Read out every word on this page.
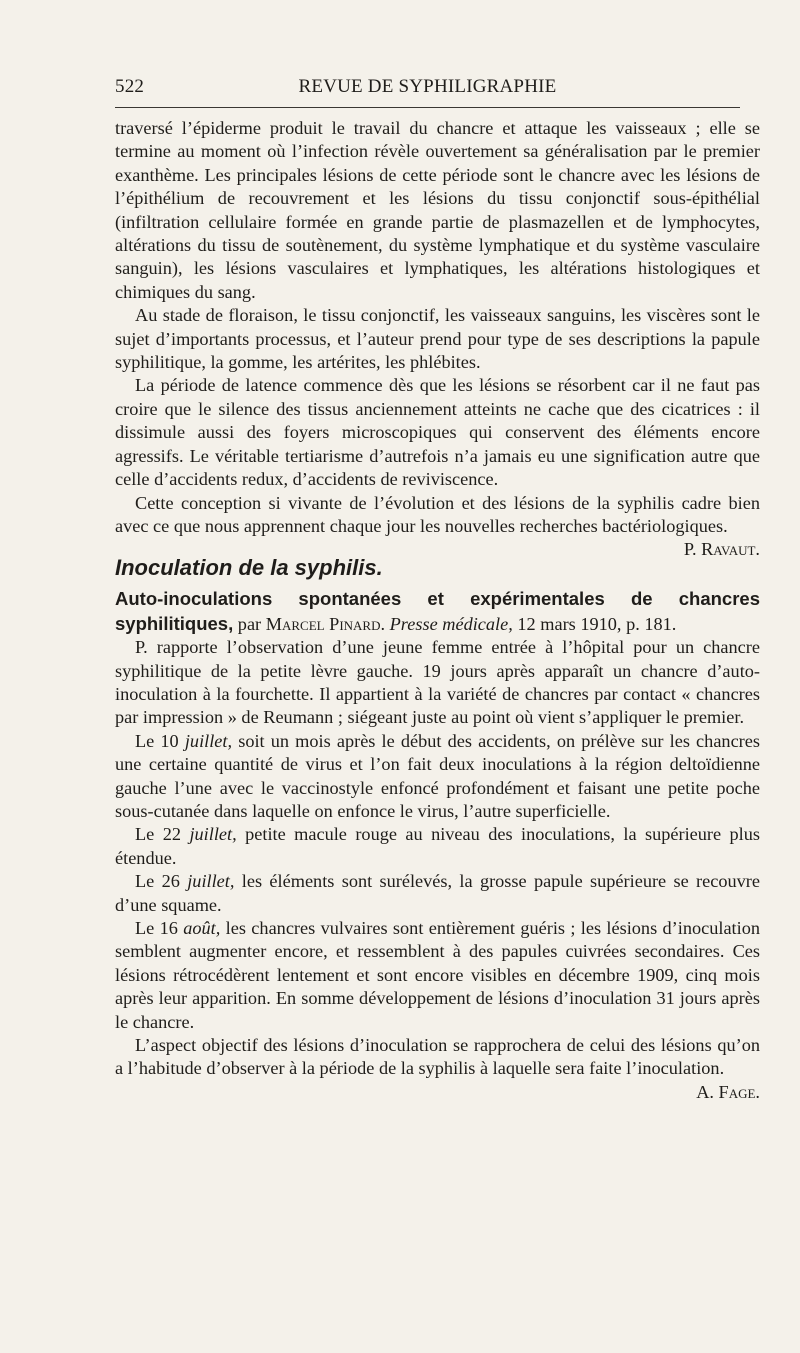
522	REVUE DE SYPHILIGRAPHIE

traversé l’épiderme produit le travail du chancre et attaque les vaisseaux ; elle se termine au moment où l’infection révèle ouvertement sa généralisation par le premier exanthème. Les principales lésions de cette période sont le chancre avec les lésions de l’épithélium de recouvrement et les lésions du tissu conjonctif sous-épithélial (infiltration cellulaire formée en grande partie de plasmazellen et de lymphocytes, altérations du tissu de soutènement, du système lymphatique et du système vasculaire sanguin), les lésions vasculaires et lymphatiques, les altérations histologiques et chimiques du sang.

Au stade de floraison, le tissu conjonctif, les vaisseaux sanguins, les viscères sont le sujet d’importants processus, et l’auteur prend pour type de ses descriptions la papule syphilitique, la gomme, les artérites, les phlébites.

La période de latence commence dès que les lésions se résorbent car il ne faut pas croire que le silence des tissus anciennement atteints ne cache que des cicatrices : il dissimule aussi des foyers microscopiques qui conservent des éléments encore agressifs. Le véritable tertiarisme d’autrefois n’a jamais eu une signification autre que celle d’accidents redux, d’accidents de reviviscence.

Cette conception si vivante de l’évolution et des lésions de la syphilis cadre bien avec ce que nous apprennent chaque jour les nouvelles recherches bactériologiques.
P. Ravaut.

Inoculation de la syphilis.

Auto-inoculations spontanées et expérimentales de chancres syphilitiques, par Marcel Pinard. Presse médicale, 12 mars 1910, p. 181.

P. rapporte l’observation d’une jeune femme entrée à l’hôpital pour un chancre syphilitique de la petite lèvre gauche. 19 jours après apparaît un chancre d’auto-inoculation à la fourchette. Il appartient à la variété de chancres par contact « chancres par impression » de Reumann ; siégeant juste au point où vient s’appliquer le premier.

Le 10 juillet, soit un mois après le début des accidents, on prélève sur les chancres une certaine quantité de virus et l’on fait deux inoculations à la région deltoïdienne gauche l’une avec le vaccinostyle enfoncé profondément et faisant une petite poche sous-cutanée dans laquelle on enfonce le virus, l’autre superficielle.

Le 22 juillet, petite macule rouge au niveau des inoculations, la supérieure plus étendue.

Le 26 juillet, les éléments sont surélevés, la grosse papule supérieure se recouvre d’une squame.

Le 16 août, les chancres vulvaires sont entièrement guéris ; les lésions d’inoculation semblent augmenter encore, et ressemblent à des papules cuivrées secondaires. Ces lésions rétrocédèrent lentement et sont encore visibles en décembre 1909, cinq mois après leur apparition. En somme développement de lésions d’inoculation 31 jours après le chancre.

L’aspect objectif des lésions d’inoculation se rapprochera de celui des lésions qu’on a l’habitude d’observer à la période de la syphilis à laquelle sera faite l’inoculation.
A. Fage.
